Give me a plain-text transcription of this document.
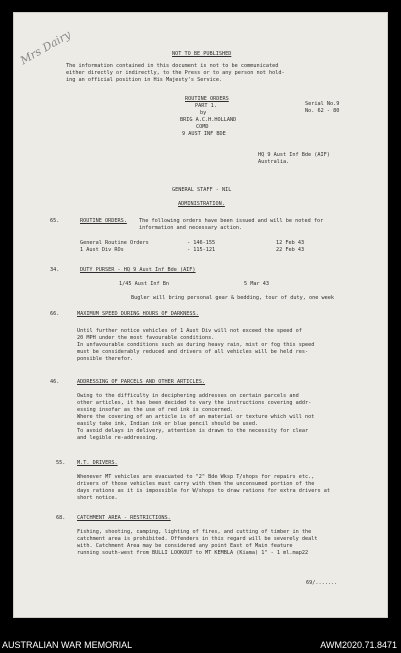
Mrs Dairy	NOT TO BE PUBLISHED
The information contained in this document is not to be communicated
either directly or indirectly, to the Press or to any person not hold-
ing an official position in His Majesty's Service.
ROUTINE ORDERS
PART 1.
by
BRIG A.C.H.HOLLAND
COMD
9 AUST INF BDE
Serial No.9
No. 62 - 80
HQ 9 Aust Inf Bde (AIF)
Australia.
GENERAL STAFF - NIL
ADMINISTRATION.
65.	ROUTINE ORDERS. The following orders have been issued and will be noted for
information and necessary action.
General Routine Orders	- 146-155	12 Feb 43
1 Aust Div ROs	- 115-121	22 Feb 43
34.	DUTY PURSER - HQ 9 Aust Inf Bde (AIF)
1/45 Aust Inf Bn	5 Mar 43
Bugler will bring personal gear & bedding, tour of duty, one week
66.	MAXIMUM SPEED DURING HOURS OF DARKNESS.
Until further notice vehicles of 1 Aust Div will not exceed the speed of
20 MPH under the most favourable conditions.
In unfavourable conditions such as during heavy rain, mist or fog this speed
must be considerably reduced and drivers of all vehicles will be held res-
ponsible therefor.
46.	ADDRESSING OF PARCELS AND OTHER ARTICLES.
Owing to the difficulty in deciphering addresses on certain parcels and
other articles, it has been decided to vary the instructions covering addr-
essing insofar as the use of red ink is concerned.
Where the covering of an article is of an material or texture which will not
easily take ink, Indian ink or blue pencil should be used.
To avoid delays in delivery, attention is drawn to the necessity for clear
and legible re-addressing.
55. M.T. DRIVERS.
Whenever MT vehicles are evacuated to "2" Bde Wksp T/shops for repairs etc.,
drivers of those vehicles must carry with them the unconsumed portion of the
days rations as it is impossible for W/shops to draw rations for extra drivers at
short notice.
68. CATCHMENT AREA - RESTRICTIONS.
Fishing, shooting, camping, lighting of fires, and cutting of timber in the
catchment area is prohibited. Offenders in this regard will be severely dealt
with. Catchment Area may be considered any point East of Main feature
running south-west from BULLI LOOKOUT to MT KEMBLA (Kiama) 1" - 1 ml.map22
69/.......
AUSTRALIAN WAR MEMORIAL	AWM2020.71.8471
